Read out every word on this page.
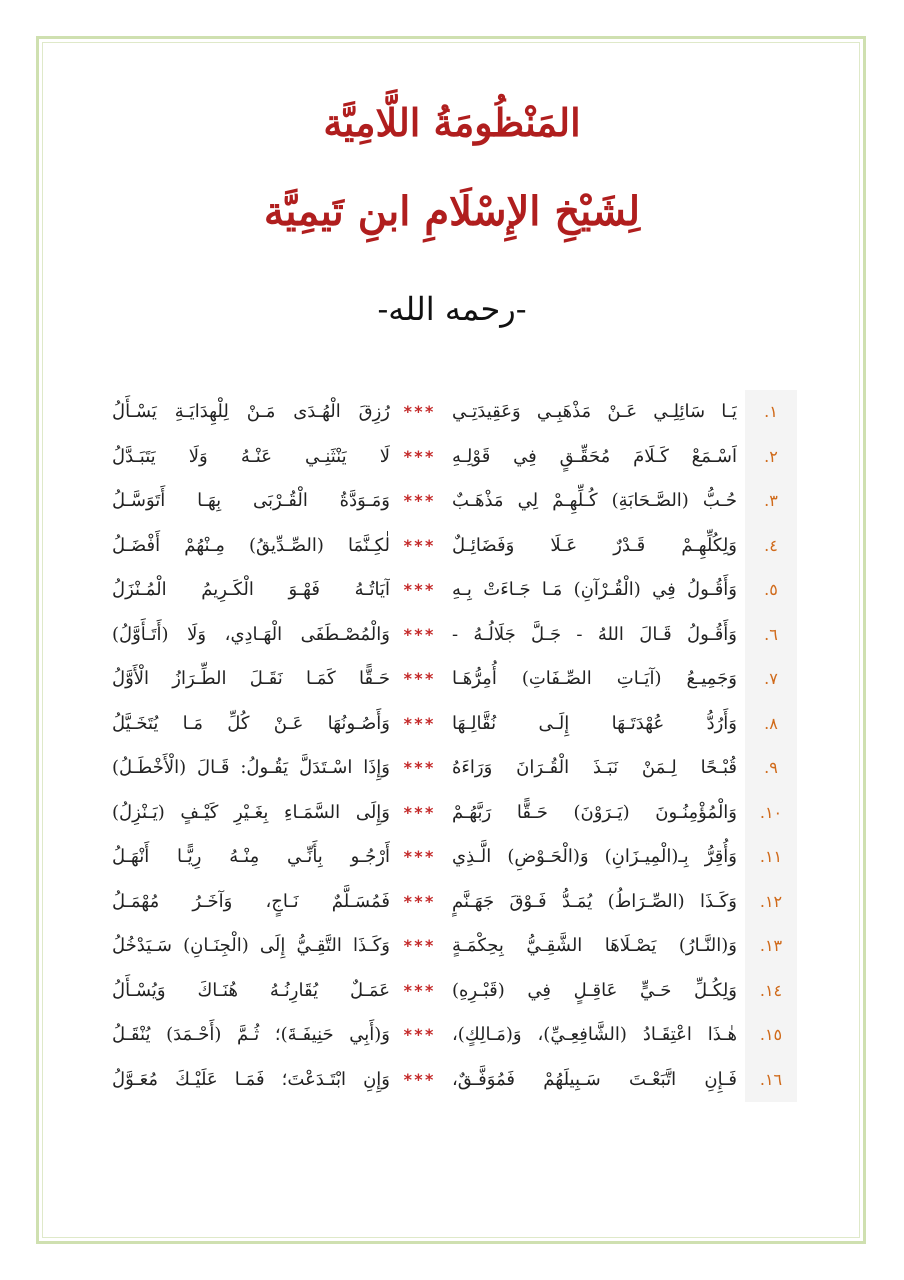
المَنْظُومَةُ اللَّامِيَّة
لِشَيْخِ الإِسْلَامِ ابنِ تَيمِيَّة
-رحمه الله-
١.
يَـا سَائِلِـي عَـنْ مَذْهَبِـي وَعَقِيدَتِـي
***
رُزِقَ الْهُـدَى مَـنْ لِلْهِدَايَـةِ يَسْـأَلُ
٢.
اَسْـمَعْ كَـلَامَ مُحَقِّـقٍ فِي قَوْلِـهِ
***
لَا يَنْثَنِـي عَنْـهُ وَلَا يَتَبَـدَّلُ
٣.
حُـبُّ (الصَّـحَابَةِ) كُـلِّهِـمْ لِي مَذْهَـبٌ
***
وَمَـوَدَّةُ الْقُـرْبَى بِهَـا أَتَوَسَّـلُ
٤.
وَلِكُلِّهِـمْ قَـدْرٌ عَـلَا وَفَضَائِـلٌ
***
لٰكِـنَّمَا (الصِّـدِّيقُ) مِـنْهُمْ أَفْضَـلُ
٥.
وَأَقُـولُ فِي (الْقُـرْآنِ) مَـا جَـاءَتْ بِـهِ
***
آيَاتُـهُ فَهْـوَ الْكَـرِيمُ الْمُـنْزَلُ
٦.
وَأَقُـولُ قَـالَ اللهُ - جَـلَّ جَلَالُـهُ -
***
وَالْمُصْـطَفَى الْهَـادِي، وَلَا (أَتَـأَوَّلُ)
٧.
وَجَمِيـعُ (آيَـاتِ الصِّـفَاتِ) أُمِرُّهَـا
***
حَـقًّا كَمَـا نَقَـلَ الطِّـرَازُ الْأَوَّلُ
٨.
وَأَرُدُّ عُهْدَتَـهَا إِلَـى نُقَّالِـهَا
***
وَأَصُـونُهَا عَـنْ كُلِّ مَـا يُتَخَـيَّلُ
٩.
قُبْـحًا لِـمَنْ نَبَـذَ الْقُـرَانَ وَرَاءَهُ
***
وَإِذَا اسْـتَدَلَّ يَقُـولُ: قَـالَ (الْأَخْطَـلُ)
١٠.
وَالْمُؤْمِنُـونَ (يَـرَوْنَ) حَـقًّا رَبَّهُـمْ
***
وَإِلَى السَّمَـاءِ بِغَـيْرِ كَيْـفٍ (يَـنْزِلُ)
١١.
وَأُقِرُّ بِـ(الْمِيـزَانِ) وَ(الْحَـوْضِ) الَّـذِي
***
أَرْجُـو بِأَنِّـي مِنْـهُ رِيًّـا أَنْهَـلُ
١٢.
وَكَـذَا (الصِّـرَاطُ) يُمَـدُّ فَـوْقَ جَهَـنَّمٍ
***
فَمُسَـلَّمٌ نَـاجٍ، وَآخَـرُ مُهْمَـلُ
١٣.
وَ(النَّـارُ) يَصْـلَاهَا الشَّقِـيُّ بِحِكْمَـةٍ
***
وَكَـذَا التَّقِـيُّ إِلَى (الْجِنَـانِ) سَـيَدْخُلُ
١٤.
وَلِكُـلِّ حَـيٍّ عَاقِـلٍ فِي (قَبْـرِهِ)
***
عَمَـلٌ يُقَارِنُـهُ هُنَـاكَ وَيُسْـأَلُ
١٥.
هٰـذَا اعْتِقَـادُ (الشَّافِعِـيِّ)، وَ(مَـالِكٍ)،
***
وَ(أَبِي حَنِيفَـةَ)؛ ثُـمَّ (أَحْـمَدَ) يُنْقَـلُ
١٦.
فَـإِنِ اتَّبَعْـتَ سَـبِيلَهُمْ فَمُوَفَّـقٌ،
***
وَإِنِ ابْتَـدَعْتَ؛ فَمَـا عَلَيْـكَ مُعَـوَّلُ
